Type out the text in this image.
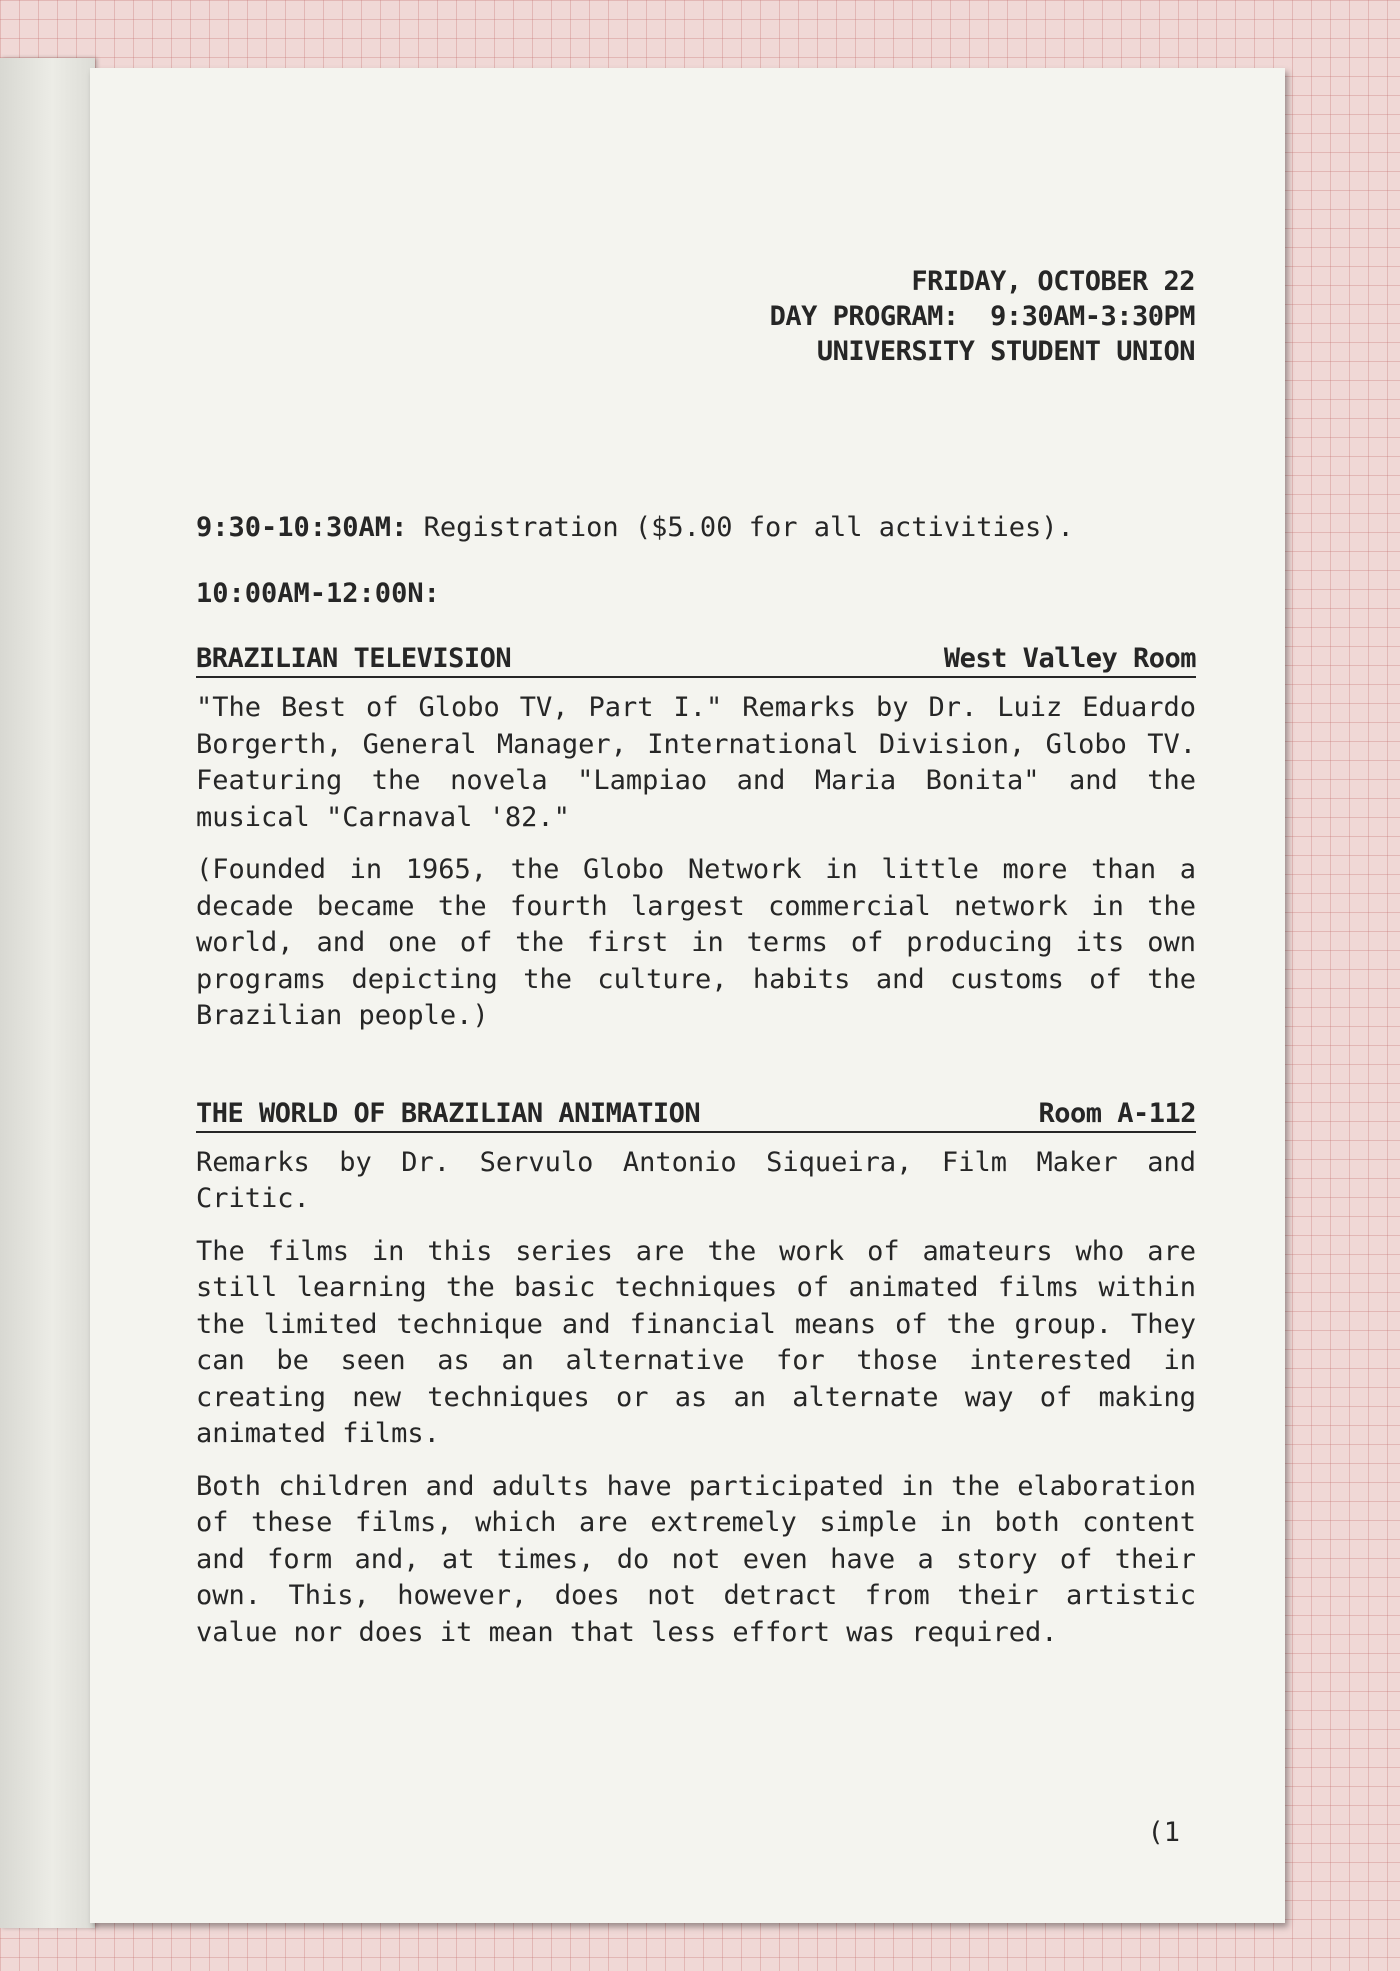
FRIDAY, OCTOBER 22
DAY PROGRAM:  9:30AM-3:30PM
UNIVERSITY STUDENT UNION
9:30-10:30AM: Registration ($5.00 for all activities).
10:00AM-12:00N:
BRAZILIAN TELEVISION	West Valley Room

"The Best of Globo TV, Part I." Remarks by Dr. Luiz Eduardo Borgerth, General Manager, International Division, Globo TV. Featuring the novela "Lampiao and Maria Bonita" and the musical "Carnaval '82."

(Founded in 1965, the Globo Network in little more than a decade became the fourth largest commercial network in the world, and one of the first in terms of producing its own programs depicting the culture, habits and customs of the Brazilian people.)

THE WORLD OF BRAZILIAN ANIMATION	Room A-112

Remarks by Dr. Servulo Antonio Siqueira, Film Maker and Critic.

The films in this series are the work of amateurs who are still learning the basic techniques of animated films within the limited technique and financial means of the group. They can be seen as an alternative for those interested in creating new techniques or as an alternate way of making animated films.

Both children and adults have participated in the elaboration of these films, which are extremely simple in both content and form and, at times, do not even have a story of their own. This, however, does not detract from their artistic value nor does it mean that less effort was required.

(1
